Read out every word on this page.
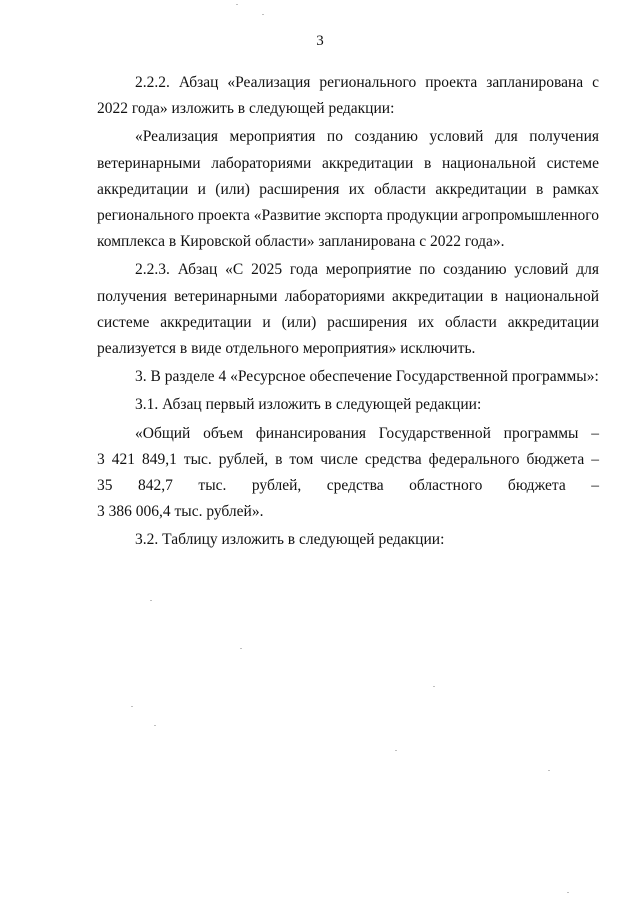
3
2.2.2. Абзац «Реализация регионального проекта запланирована с
2022 года» изложить в следующей редакции:
«Реализация мероприятия по созданию условий для получения
ветеринарными лабораториями аккредитации в национальной системе
аккредитации и (или) расширения их области аккредитации в рамках
регионального проекта «Развитие экспорта продукции агропромышленного
комплекса в Кировской области» запланирована с 2022 года».
2.2.3. Абзац «С 2025 года мероприятие по созданию условий для
получения ветеринарными лабораториями аккредитации в национальной
системе аккредитации и (или) расширения их области аккредитации
реализуется в виде отдельного мероприятия» исключить.
3. В разделе 4 «Ресурсное обеспечение Государственной программы»:
3.1. Абзац первый изложить в следующей редакции:
«Общий объем финансирования Государственной программы –
3 421 849,1 тыс. рублей, в том числе средства федерального бюджета –
35 842,7 тыс. рублей, средства областного бюджета –
3 386 006,4 тыс. рублей».
3.2. Таблицу изложить в следующей редакции:
